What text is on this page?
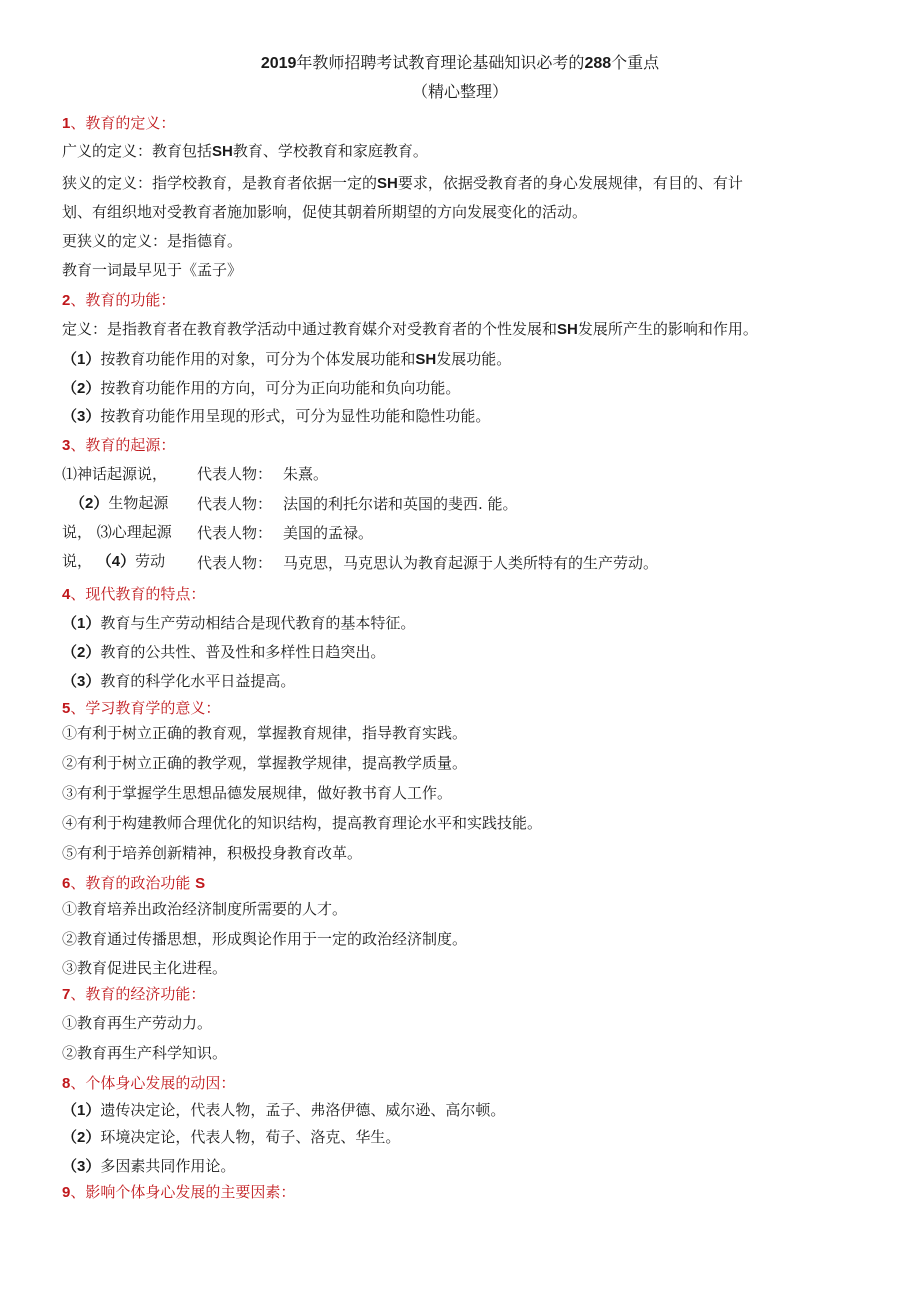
2019年教师招聘考试教育理论基础知识必考的288个重点
（精心整理）
1、教育的定义：
广义的定义：教育包括SH教育、学校教育和家庭教育。
狭义的定义：指学校教育，是教育者依据一定的SH要求，依据受教育者的身心发展规律，有目的、有计
划、有组织地对受教育者施加影响，促使其朝着所期望的方向发展变化的活动。
更狭义的定义：是指德育。
教育一词最早见于《孟子》
2、教育的功能：
定义：是指教育者在教育教学活动中通过教育媒介对受教育者的个性发展和SH发展所产生的影响和作用。
（1）按教育功能作用的对象，可分为个体发展功能和SH发展功能。
（2）按教育功能作用的方向，可分为正向功能和负向功能。
（3）按教育功能作用呈现的形式，可分为显性功能和隐性功能。
3、教育的起源：
⑴神话起源说，
（2）生物起源
说， ⑶心理起源
说， （4）劳动
代表人物： 朱熹。
代表人物： 法国的利托尔诺和英国的斐西. 能。
代表人物： 美国的孟禄。
代表人物： 马克思，马克思认为教育起源于人类所特有的生产劳动。
4、现代教育的特点：
（1）教育与生产劳动相结合是现代教育的基本特征。
（2）教育的公共性、普及性和多样性日趋突出。
（3）教育的科学化水平日益提高。
5、学习教育学的意义：
①有利于树立正确的教育观，掌握教育规律，指导教育实践。
②有利于树立正确的教学观，掌握教学规律，提高教学质量。
③有利于掌握学生思想品德发展规律，做好教书育人工作。
④有利于构建教师合理优化的知识结构，提高教育理论水平和实践技能。
⑤有利于培养创新精神，积极投身教育改革。
6、教育的政治功能 S
①教育培养出政治经济制度所需要的人才。
②教育通过传播思想，形成舆论作用于一定的政治经济制度。
③教育促进民主化进程。
7、教育的经济功能：
①教育再生产劳动力。
②教育再生产科学知识。
8、个体身心发展的动因：
（1）遗传决定论，代表人物，孟子、弗洛伊德、威尔逊、高尔顿。
（2）环境决定论，代表人物，荀子、洛克、华生。
（3）多因素共同作用论。
9、影响个体身心发展的主要因素：
